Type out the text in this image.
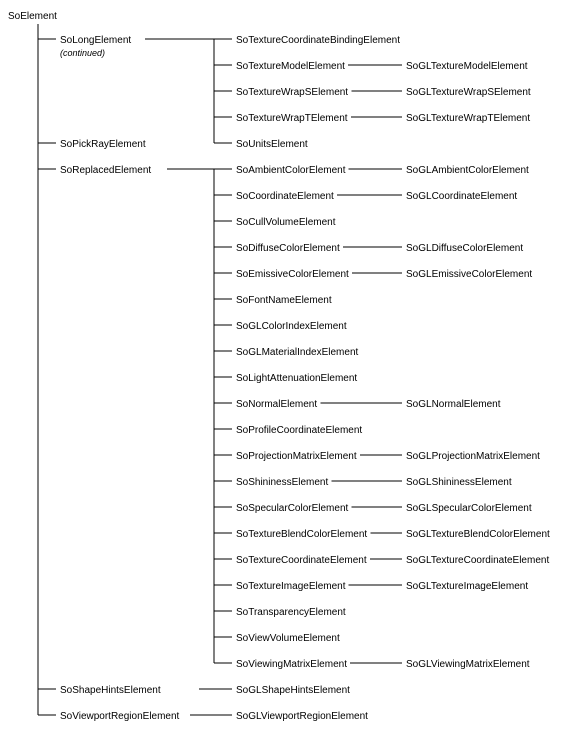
SoElement
SoLongElement
(continued)
SoTextureCoordinateBindingElement
SoTextureModelElement	SoGLTextureModelElement
SoTextureWrapSElement	SoGLTextureWrapSElement
SoTextureWrapTElement	SoGLTextureWrapTElement
SoUnitsElement
SoPickRayElement
SoReplacedElement	SoAmbientColorElement	SoGLAmbientColorElement
SoCoordinateElement	SoGLCoordinateElement
SoCullVolumeElement
SoDiffuseColorElement	SoGLDiffuseColorElement
SoEmissiveColorElement	SoGLEmissiveColorElement
SoFontNameElement
SoGLColorIndexElement
SoGLMaterialIndexElement
SoLightAttenuationElement
SoNormalElement	SoGLNormalElement
SoProfileCoordinateElement
SoProjectionMatrixElement	SoGLProjectionMatrixElement
SoShininessElement	SoGLShininessElement
SoSpecularColorElement	SoGLSpecularColorElement
SoTextureBlendColorElement	SoGLTextureBlendColorElement
SoTextureCoordinateElement	SoGLTextureCoordinateElement
SoTextureImageElement	SoGLTextureImageElement
SoTransparencyElement
SoViewVolumeElement
SoViewingMatrixElement	SoGLViewingMatrixElement
SoShapeHintsElement	SoGLShapeHintsElement
SoViewportRegionElement	SoGLViewportRegionElement
